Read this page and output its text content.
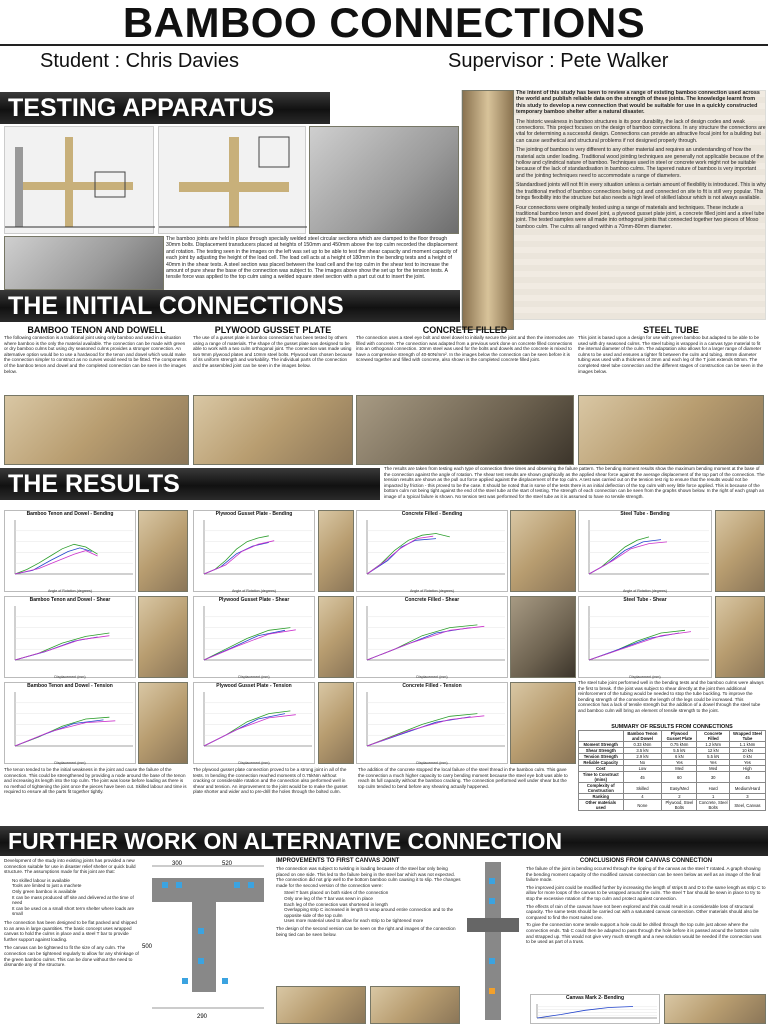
BAMBOO CONNECTIONS
Student : Chris Davies	Supervisor : Pete Walker
TESTING APPARATUS
The bamboo joints are held in place through specially welded steel circular sections which are clamped to the floor through 30mm bolts. Displacement transducers placed at heights of 150mm and 450mm above the top culm recorded the displacement and rotation. The testing seen in the images on the left was set up to be able to test the shear capacity and moment capacity of each joint by adjusting the height of the load cell. The load cell acts at a height of 180mm in the bending tests and a height of 40mm in the shear tests. A steel section was placed between the load cell and the top culm in the shear test to increase the amount of pure shear the base of the connection was subject to. The images above show the set up for the tension tests. A tensile force was applied to the top culm using a welded square steel section with a part cut out to insert the joint.
The intent of this study has been to review a range of existing bamboo connection used across the world and publish reliable data on the strength of these joints. The knowledge learnt from this study to develop a new connection that would be suitable for use in a quickly constructed temporary bamboo shelter after a natural disaster.
The historic weakness in bamboo structures is its poor durability, the lack of design codes and weak connections. This project focuses on the design of bamboo connections. In any structure the connections are vital for determining a successful design. Connections can provide an attractive focal joint for a building but can cause aesthetical and structural problems if not designed properly through.
The jointing of bamboo is very different to any other material and requires an understanding of how the material acts under loading. Traditional wood jointing techniques are generally not applicable because of the hollow and cylindrical nature of bamboo. Techniques used in steel or concrete work might not be suitable because of the lack of standardisation in bamboo culms. The tapered nature of bamboo is very important and the jointing techniques need to accommodate a range of diameters.
Standardised joints will not fit in every situation unless a certain amount of flexibility is introduced. This is why the traditional method of bamboo connections being cut and connected on site to fit is still very popular. This brings flexibility into the structure but also needs a high level of skilled labour which is not always available.
Four connections were originally tested using a range of materials and techniques. These include a traditional bamboo tenon and dowel joint, a plywood gusset plate joint, a concrete filled joint and a steel tube joint. The tested samples were all made into orthogonal joints that connected together two pieces of Moso bamboo culm. The culms all ranged within a 70mm-80mm diameter.
THE INITIAL CONNECTIONS
BAMBOO TENON AND DOWELL
The following connection is a traditional joint using only bamboo and used in a situation where bamboo is the only the material available. The connection can be made with green or dry bamboo culms but using dry seasoned culms provides a stronger connection. An alternative option would be to use a hardwood for the tenon and dowel which would make the connection simpler to construct as no curves would need to be fitted. The components of the bamboo tenon and dowel and the completed connection can be seen in the images below.
PLYWOOD GUSSET PLATE
The use of a gusset plate in bamboo connections has been tested by others using a range of materials. The shape of the gusset plate was designed to be able to work with a two culm orthogonal joint. The connection was made using two 9mm plywood plates and 10mm steel bolts. Plywood was chosen because of its uniform strength and workability. The individual parts of the connection and the assembled joint can be seen in the images below.
CONCRETE FILLED
The connection uses a steel eye bolt and steel dowel to initially secure the joint and then the internodes are filled with concrete. The connection was adapted from a previous work done on concrete filled connections into an orthogonal connection. 10mm steel was used for the bolts and dowels and the concrete is mixed to have a compressive strength of 40-50N/mm². In the images below the connection can be seen before it is screwed together and filled with concrete, also shown is the completed concrete filled joint.
STEEL TUBE
This joint is based upon a design for use with green bamboo but adapted to be able to be used with dry seasoned culms. The steel tubing is wrapped in a canvas type material to fit the internal diameter of the culm. The adaptation also allows for a larger range of diameter culms to be used and ensures a tighter fit between the culm and tubing. 48mm diameter tubing was used with a thickness of 3mm and each leg of the T joint extends 60mm. The completed steel tube connection and the different stages of construction can be seen in the images below.
THE RESULTS
The results are taken from testing each type of connection three times and observing the failure pattern. The bending moment results show the maximum bending moment at the base of the connection against the angle of rotation. The shear test results are shown graphically as the applied shear force against the average displacement of the top part of the connection. The tension results are shown as the pull out force applied against the displacement of the top culm. A test was carried out on the tension test rig to ensure that the results would not be impacted by friction - this proved to be the case. It should be noted that in some of the tests there is an initial deflection of the top culm with very little force applied. This is because of the bottom culm not being tight against the end of the steel tube at the start of testing. The strength of each connection can be seen from the graphs shown below. In the right of each graph an image of a typical failure is shown. No tension test was performed for the steel tube as it is assumed to have no tensile strength.
Bamboo Tenon and Dowel - Bending
Angle of Rotation (degrees)
Plywood Gusset Plate - Bending
Angle of Rotation (degrees)
Concrete Filled - Bending
Angle of Rotation (degrees)
Steel Tube - Bending
Angle of Rotation (degrees)
Bamboo Tenon and Dowel - Shear
Displacement (mm)
Plywood Gusset Plate - Shear
Displacement (mm)
Concrete Filled - Shear
Displacement (mm)
Steel Tube - Shear
Displacement (mm)
Bamboo Tenon and Dowel - Tension
Displacement (mm)
Plywood Gusset Plate - Tension
Displacement (mm)
Concrete Filled - Tension
Displacement (mm)
The steel tube joint performed well in the bending tests and the bamboo culms were always the first to break. If the joint was subject to shear directly at the joint then additional reinforcement of the tubing would be needed to stop the tube buckling. To improve the bending strength of the connection the length of the legs could be increased. This connection has a lack of tensile strength but the addition of a dowel through the steel tube and bamboo culm will bring an element of tensile strength to the joint.
SUMMARY OF RESULTS FROM CONNECTIONS
	Bamboo Tenon and Dowel	Plywood Gusset Plate	Concrete Filled	Wrapped Steel Tube
Moment Strength	0.33 kNm	0.75 kNm	1.2 kNm	1.1 kNm
Shear Strength	3.5 kN	5.5 kN	12 kN	10 kN
Tension Strength	2.9 kN	6 kN	5.5 kN	0 kN
Reliable Capacity	No	Yes	Yes	Yes
Cost	Low	Med	Med	High
Time to Construct (mins)	45	60	30	45
Complexity of Construction	Skilled	Easy/Med	Hard	Medium/Hard
Ranking	4	2	1	3
Other materials used	None	Plywood, Steel Bolts	Concrete, Steel Bolts	Steel, Canvas
The tenon tended to be the initial weakness in the joint and cause the failure of the connection. This could be strengthened by providing a node around the base of the tenon and increasing its length into the top culm. The joint was loose before loading as there is no method of tightening the joint once the pieces have been cut. Skilled labour and time is required to ensure all the parts fit together tightly.
The plywood gusset plate connection proved to be a strong joint in all of the tests. In bending the connection reached moments of 0.75kNm without cracking or considerable rotation and the connection also performed well in shear and tension. An improvement to the joint would be to make the gusset plate shorter and wider and to pre-drill the holes through the bolted culm.
The addition of the concrete stopped the local failure of the steel thread in the bamboo culm. This gave the connection a much higher capacity to carry bending moment because the steel eye bolt was able to reach its full capacity without the bamboo cracking. The connection performed well under shear but the top culm tended to bend before any shearing actually happened.
FURTHER WORK ON ALTERNATIVE CONNECTION
Development of the study into existing joints has provided a new connection suitable for use in disaster relief shelter or quick build structure. The assumptions made for this joint are that:
• No skilled labour is available
• Tools are limited to just a machete
• Only green bamboo is available
• It can be mass produced off site and delivered at the time of need
• It can be used on a small short term shelter where loads are small
The connection has been designed to be flat packed and shipped to an area in large quantities. The basic concept uses wrapped canvas to hold the culms in place and a steel T bar to provide further support against loading.
The canvas can be tightened to fit the size of any culm. The connection can be tightened regularly to allow for any shrinkage of the green bamboo culms. This can be done without the need to dismantle any of the structure.
300	520
500
290
IMPROVEMENTS TO FIRST CANVAS JOINT
The connection was subject to twisting in loading because of the steel bar only being placed on one side. This led to the failure being in the steel bar which was not expected. The connection did not grip well to the bottom bamboo culm causing it to slip. The changes made for the second version of the connection were:
• Steel T bars placed on both sides of the connection
• Only one leg of the T bar was sewn in place
• Each leg of the connection was shortened in length
• Overlapping strip C increased in length to wrap around entire connection and to the opposite side of the top culm
• Uses more material used to allow for each strip to be tightened more
The design of the second version can be seen on the right and images of the connection being tied can be seen below.
CONCLUSIONS FROM CANVAS CONNECTION
The failure of the joint in bending occurred through the ripping of the canvas as the steel T rotated. A graph showing the bending moment capacity of the modified canvas connection can be seen below as well as an image of the final failure mode.
The improved joint could be modified further by increasing the length of strips B and D to the same length as strip C to allow for more loops of the canvas to be wrapped around the culm. The steel T bar should be sewn in place to try to stop the excessive rotation of the top culm and protect against connection.
The effects of rain of the canvas have not been explored and this could result in a considerable loss of structural capacity. The same tests should be carried out with a saturated canvas connection. Other materials should also be compared to find the most suited one.
To give the connection some tensile support a hole could be drilled through the top culm just above where the connection ends. Tab C could then be adapted to pass through the hole before it is passed around the bottom culm and strapped up. This would not give very much strength and a new solution would be needed if the connection was to be used as part of a truss.
Canvas Mark 2- Bending
